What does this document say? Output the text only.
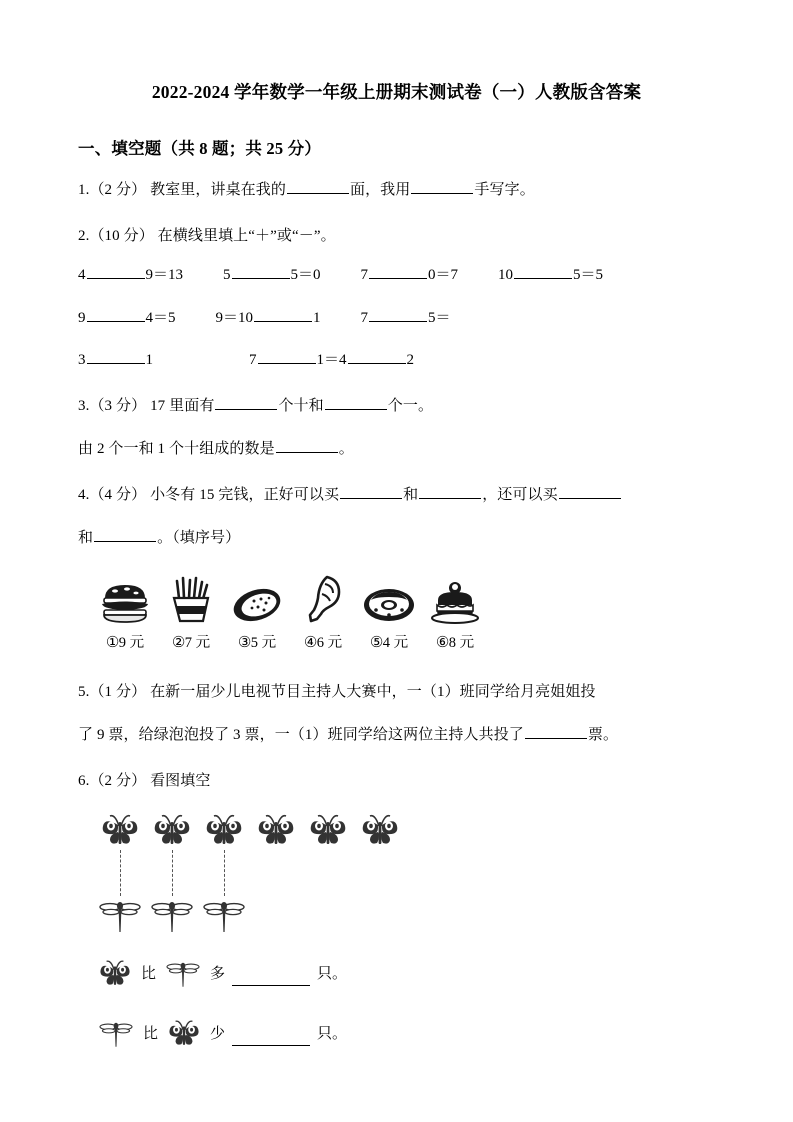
2022-2024 学年数学一年级上册期末测试卷（一）人教版含答案
一、填空题（共 8 题；共 25 分）
1.（2 分） 教室里，讲桌在我的	面，我用	手写字。
2.（10 分） 在横线里填上“＋”或“－”。
4	9＝13	5	5＝0	7	0＝7	10	5＝5
9	4＝5	9＝10	1	7	5＝
3	1	7	1＝4	2
3.（3 分） 17 里面有	个十和	个一。
由 2 个一和 1 个十组成的数是	。
4.（4 分） 小冬有 15 完钱，正好可以买	和	，还可以买
和	。（填序号）
①9 元	②7 元	③5 元	④6 元	⑤4 元	⑥8 元
5.（1 分） 在新一届少儿电视节目主持人大赛中，一（1）班同学给月亮姐姐投
了 9 票，给绿泡泡投了 3 票，一（1）班同学给这两位主持人共投了	票。
6.（2 分） 看图填空
比	多	只。
比	少	只。
